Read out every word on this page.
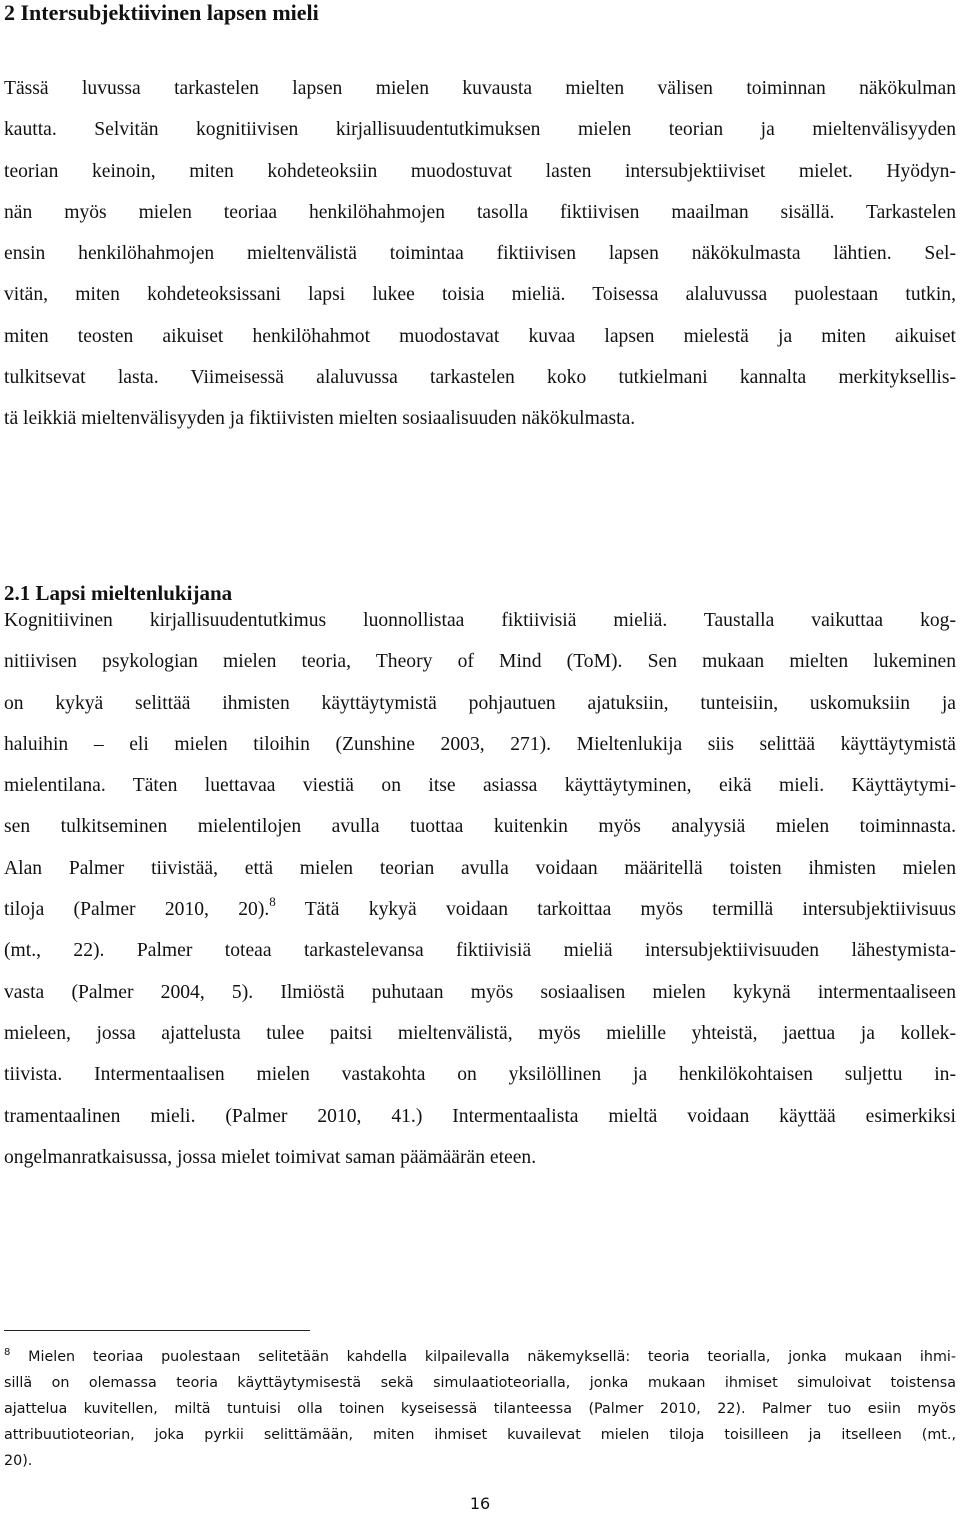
2 Intersubjektiivinen lapsen mieli
Tässä luvussa tarkastelen lapsen mielen kuvausta mielten välisen toiminnan näkökulman
kautta. Selvitän kognitiivisen kirjallisuudentutkimuksen mielen teorian ja mieltenvälisyyden
teorian keinoin, miten kohdeteoksiin muodostuvat lasten intersubjektiiviset mielet. Hyödyn-
nän myös mielen teoriaa henkilöhahmojen tasolla fiktiivisen maailman sisällä. Tarkastelen
ensin henkilöhahmojen mieltenvälistä toimintaa fiktiivisen lapsen näkökulmasta lähtien. Sel-
vitän, miten kohdeteoksissani lapsi lukee toisia mieliä. Toisessa alaluvussa puolestaan tutkin,
miten teosten aikuiset henkilöhahmot muodostavat kuvaa lapsen mielestä ja miten aikuiset
tulkitsevat lasta. Viimeisessä alaluvussa tarkastelen koko tutkielmani kannalta merkityksellis-
tä leikkiä mieltenvälisyyden ja fiktiivisten mielten sosiaalisuuden näkökulmasta.
2.1 Lapsi mieltenlukijana
Kognitiivinen kirjallisuudentutkimus luonnollistaa fiktiivisiä mieliä. Taustalla vaikuttaa kog-
nitiivisen psykologian mielen teoria, Theory of Mind (ToM). Sen mukaan mielten lukeminen
on kykyä selittää ihmisten käyttäytymistä pohjautuen ajatuksiin, tunteisiin, uskomuksiin ja
haluihin – eli mielen tiloihin (Zunshine 2003, 271). Mieltenlukija siis selittää käyttäytymistä
mielentilana. Täten luettavaa viestiä on itse asiassa käyttäytyminen, eikä mieli. Käyttäytymi-
sen tulkitseminen mielentilojen avulla tuottaa kuitenkin myös analyysiä mielen toiminnasta.
Alan Palmer tiivistää, että mielen teorian avulla voidaan määritellä toisten ihmisten mielen
tiloja (Palmer 2010, 20).$^8$ Tätä kykyä voidaan tarkoittaa myös termillä intersubjektiivisuus
(mt., 22). Palmer toteaa tarkastelevansa fiktiivisiä mieliä intersubjektiivisuuden lähestymista-
vasta (Palmer 2004, 5). Ilmiöstä puhutaan myös sosiaalisen mielen kykynä intermentaaliseen
mieleen, jossa ajattelusta tulee paitsi mieltenvälistä, myös mielille yhteistä, jaettua ja kollek-
tiivista. Intermentaalisen mielen vastakohta on yksilöllinen ja henkilökohtaisen suljettu in-
tramentaalinen mieli. (Palmer 2010, 41.) Intermentaalista mieltä voidaan käyttää esimerkiksi
ongelmanratkaisussa, jossa mielet toimivat saman päämäärän eteen.
$^8$ Mielen teoriaa puolestaan selitetään kahdella kilpailevalla näkemyksellä: teoria teorialla, jonka mukaan ihmi-
sillä on olemassa teoria käyttäytymisestä sekä simulaatioteorialla, jonka mukaan ihmiset simuloivat toistensa
ajattelua kuvitellen, miltä tuntuisi olla toinen kyseisessä tilanteessa (Palmer 2010, 22). Palmer tuo esiin myös
attribuutioteorian, joka pyrkii selittämään, miten ihmiset kuvailevat mielen tiloja toisilleen ja itselleen (mt.,
20).
16
